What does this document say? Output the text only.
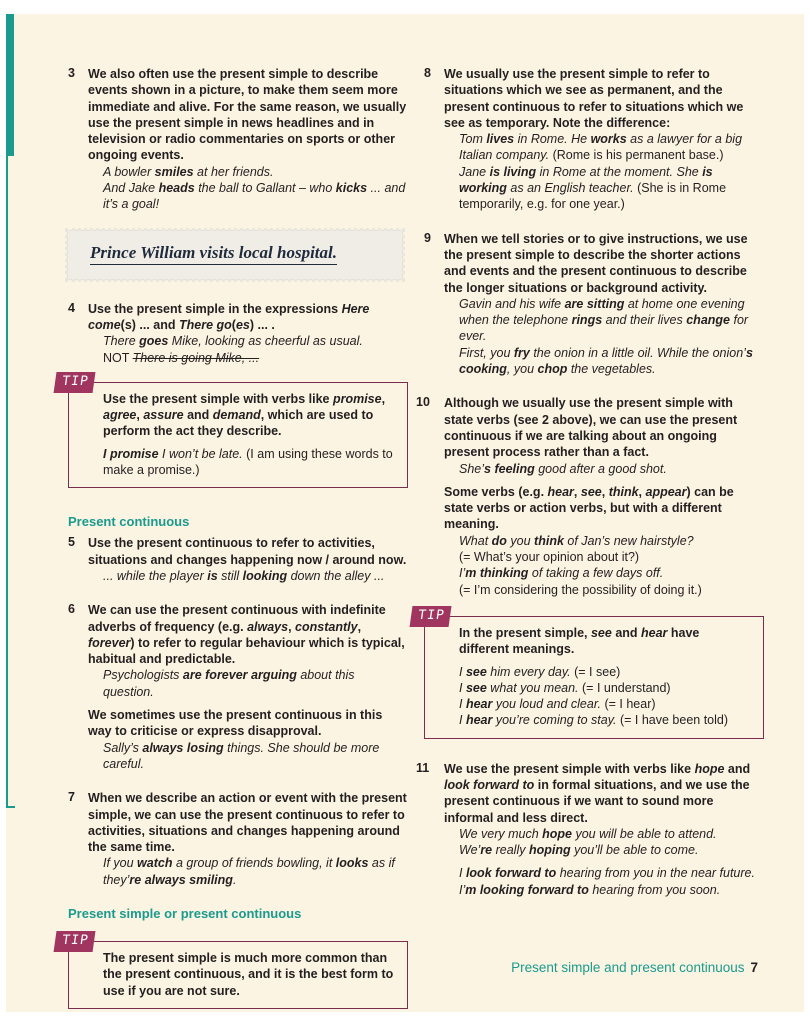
3 We also often use the present simple to describe events shown in a picture, to make them seem more immediate and alive. For the same reason, we usually use the present simple in news headlines and in television or radio commentaries on sports or other ongoing events.
A bowler smiles at her friends.
And Jake heads the ball to Gallant – who kicks ... and it’s a goal!
Prince William visits local hospital.
4 Use the present simple in the expressions Here come(s) ... and There go(es) ... .
There goes Mike, looking as cheerful as usual.
NOT There is going Mike, ...
TIP

Use the present simple with verbs like promise, agree, assure and demand, which are used to perform the act they describe.

I promise I won’t be late. (I am using these words to make a promise.)

Present continuous
5 Use the present continuous to refer to activities, situations and changes happening now / around now.
... while the player is still looking down the alley ...
6 We can use the present continuous with indefinite adverbs of frequency (e.g. always, constantly, forever) to refer to regular behaviour which is typical, habitual and predictable.
Psychologists are forever arguing about this question.
We sometimes use the present continuous in this way to criticise or express disapproval.
Sally’s always losing things. She should be more careful.
7 When we describe an action or event with the present simple, we can use the present continuous to refer to activities, situations and changes happening around the same time.
If you watch a group of friends bowling, it looks as if they’re always smiling.
Present simple or present continuous
TIP

The present simple is much more common than the present continuous, and it is the best form to use if you are not sure.

8 We usually use the present simple to refer to situations which we see as permanent, and the present continuous to refer to situations which we see as temporary. Note the difference:
Tom lives in Rome. He works as a lawyer for a big Italian company. (Rome is his permanent base.)
Jane is living in Rome at the moment. She is working as an English teacher. (She is in Rome temporarily, e.g. for one year.)
9 When we tell stories or to give instructions, we use the present simple to describe the shorter actions and events and the present continuous to describe the longer situations or background activity.
Gavin and his wife are sitting at home one evening when the telephone rings and their lives change for ever.
First, you fry the onion in a little oil. While the onion’s cooking, you chop the vegetables.
10 Although we usually use the present simple with state verbs (see 2 above), we can use the present continuous if we are talking about an ongoing present process rather than a fact.
She’s feeling good after a good shot.
Some verbs (e.g. hear, see, think, appear) can be state verbs or action verbs, but with a different meaning.
What do you think of Jan’s new hairstyle?
(= What’s your opinion about it?)
I’m thinking of taking a few days off.
(= I’m considering the possibility of doing it.)
TIP

In the present simple, see and hear have different meanings.

I see him every day. (= I see)

I see what you mean. (= I understand)

I hear you loud and clear. (= I hear)

I hear you’re coming to stay. (= I have been told)

11 We use the present simple with verbs like hope and look forward to in formal situations, and we use the present continuous if we want to sound more informal and less direct.
We very much hope you will be able to attend.
We’re really hoping you’ll be able to come.
I look forward to hearing from you in the near future.
I’m looking forward to hearing from you soon.
Present simple and present continuous 7
